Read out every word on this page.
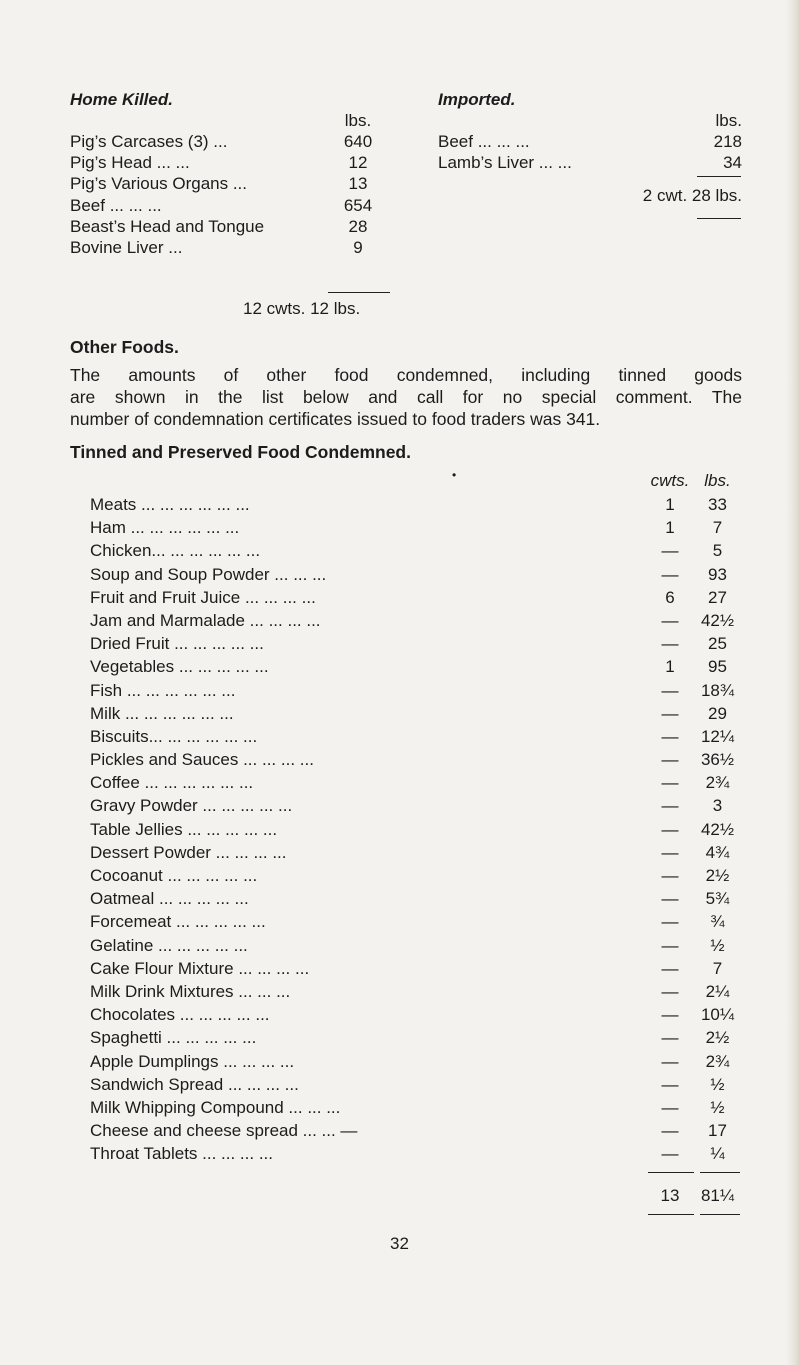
Home Killed.
lbs.
Pig’s Carcases (3) ...	640
Pig’s Head ... ...	12
Pig’s Various Organs ...	13
Beef ... ... ...	654
Beast’s Head and Tongue	28
Bovine Liver ...	9
12 cwts. 12 lbs.
Imported.
lbs.
Beef ... ... ...	218
Lamb’s Liver ... ...	34
2 cwt. 28 lbs.
Other Foods.
The amounts of other food condemned, including tinned goods
are shown in the list below and call for no special comment. The
number of condemnation certificates issued to food traders was 341.
Tinned and Preserved Food Condemned.
•	cwts. lbs.
Meats ... ... ... ... ... ...	1	33
Ham ... ... ... ... ... ...	1	7
Chicken... ... ... ... ... ...	—	5
Soup and Soup Powder ... ... ...	—	93
Fruit and Fruit Juice ... ... ... ...	6	27
Jam and Marmalade ... ... ... ...	—	42½
Dried Fruit ... ... ... ... ...	—	25
Vegetables ... ... ... ... ...	1	95
Fish ... ... ... ... ... ...	—	18¾
Milk ... ... ... ... ... ...	—	29
Biscuits... ... ... ... ... ...	—	12¼
Pickles and Sauces ... ... ... ...	—	36½
Coffee ... ... ... ... ... ...	—	2¾
Gravy Powder ... ... ... ... ...	—	3
Table Jellies ... ... ... ... ...	—	42½
Dessert Powder ... ... ... ...	—	4¾
Cocoanut ... ... ... ... ...	—	2½
Oatmeal ... ... ... ... ...	—	5¾
Forcemeat ... ... ... ... ...	—	¾
Gelatine ... ... ... ... ...	—	½
Cake Flour Mixture ... ... ... ...	—	7
Milk Drink Mixtures ... ... ...	—	2¼
Chocolates ... ... ... ... ...	—	10¼
Spaghetti ... ... ... ... ...	—	2½
Apple Dumplings ... ... ... ...	—	2¾
Sandwich Spread ... ... ... ...	—	½
Milk Whipping Compound ... ... ...	—	½
Cheese and cheese spread ... ... —	—	17
Throat Tablets ... ... ... ...	—	¼
13	81¼
32
